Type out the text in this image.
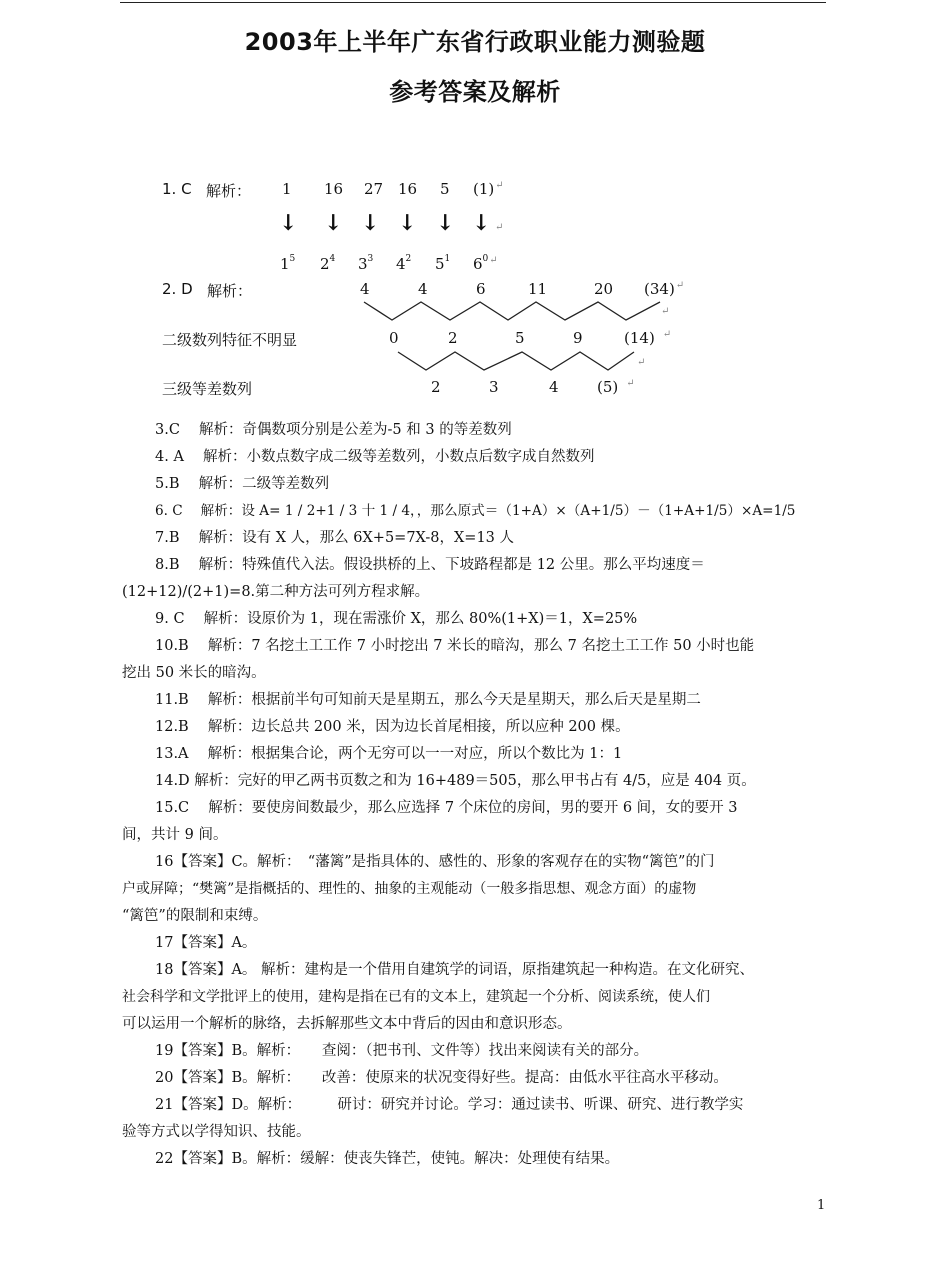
2003年上半年广东省行政职业能力测验题
参考答案及解析
1. C 解析： 1 16 27 16 5 (1)↵
↓ ↓ ↓ ↓ ↓ ↓ ↵
$1^5$ $2^4$ $3^3$ $4^2$ $5^1$ $6^{0↵}$
2. D 解析：	4	4	6	11	20 (34)↵
↵
二级数列特征不明显	0	2	5	9	(14) ↵
↵
三级等差数列	2	3	4	(5) ↵
3.C　 解析：奇偶数项分别是公差为-5 和 3 的等差数列
4. A　 解析：小数点数字成二级等差数列，小数点后数字成自然数列
5.B　 解析：二级等差数列
6. C　 解析：设 A= 1 / 2+1 / 3 十 1 / 4，，那么原式＝（1+A）×（A+1/5）－（1+A+1/5）×A=1/5
7.B　 解析：设有 X 人，那么 6X+5=7X-8，X=13 人
8.B　 解析：特殊值代入法。假设拱桥的上、下坡路程都是 12 公里。那么平均速度＝
(12+12)/(2+1)=8.第二种方法可列方程求解。
9. C　 解析：设原价为 1，现在需涨价 X，那么 80%(1+X)＝1，X=25%
10.B　 解析：7 名挖土工工作 7 小时挖出 7 米长的暗沟，那么 7 名挖土工工作 50 小时也能
挖出 50 米长的暗沟。
11.B　 解析：根据前半句可知前天是星期五，那么今天是星期天，那么后天是星期二
12.B　 解析：边长总共 200 米，因为边长首尾相接，所以应种 200 棵。
13.A　 解析：根据集合论，两个无穷可以一一对应，所以个数比为 1：1
14.D 解析：完好的甲乙两书页数之和为 16+489＝505，那么甲书占有 4/5，应是 404 页。
15.C　 解析：要使房间数最少，那么应选择 7 个床位的房间，男的要开 6 间，女的要开 3
间，共计 9 间。
16【答案】C。解析：　“藩篱”是指具体的、感性的、形象的客观存在的实物“篱笆”的门
户或屏障；“樊篱”是指概括的、理性的、抽象的主观能动（一般多指思想、观念方面）的虚物
“篱笆”的限制和束缚。
17【答案】A。
18【答案】A。 解析：建构是一个借用自建筑学的词语，原指建筑起一种构造。在文化研究、
社会科学和文学批评上的使用，建构是指在已有的文本上，建筑起一个分析、阅读系统，使人们
可以运用一个解析的脉络，去拆解那些文本中背后的因由和意识形态。
19【答案】B。解析：　　查阅：（把书刊、文件等）找出来阅读有关的部分。
20【答案】B。解析：　　改善：使原来的状况变得好些。提高：由低水平往高水平移动。
21【答案】D。解析：　　　研讨：研究并讨论。学习：通过读书、听课、研究、进行教学实
验等方式以学得知识、技能。
22【答案】B。解析：缓解：使丧失锋芒，使钝。解决：处理使有结果。
1
